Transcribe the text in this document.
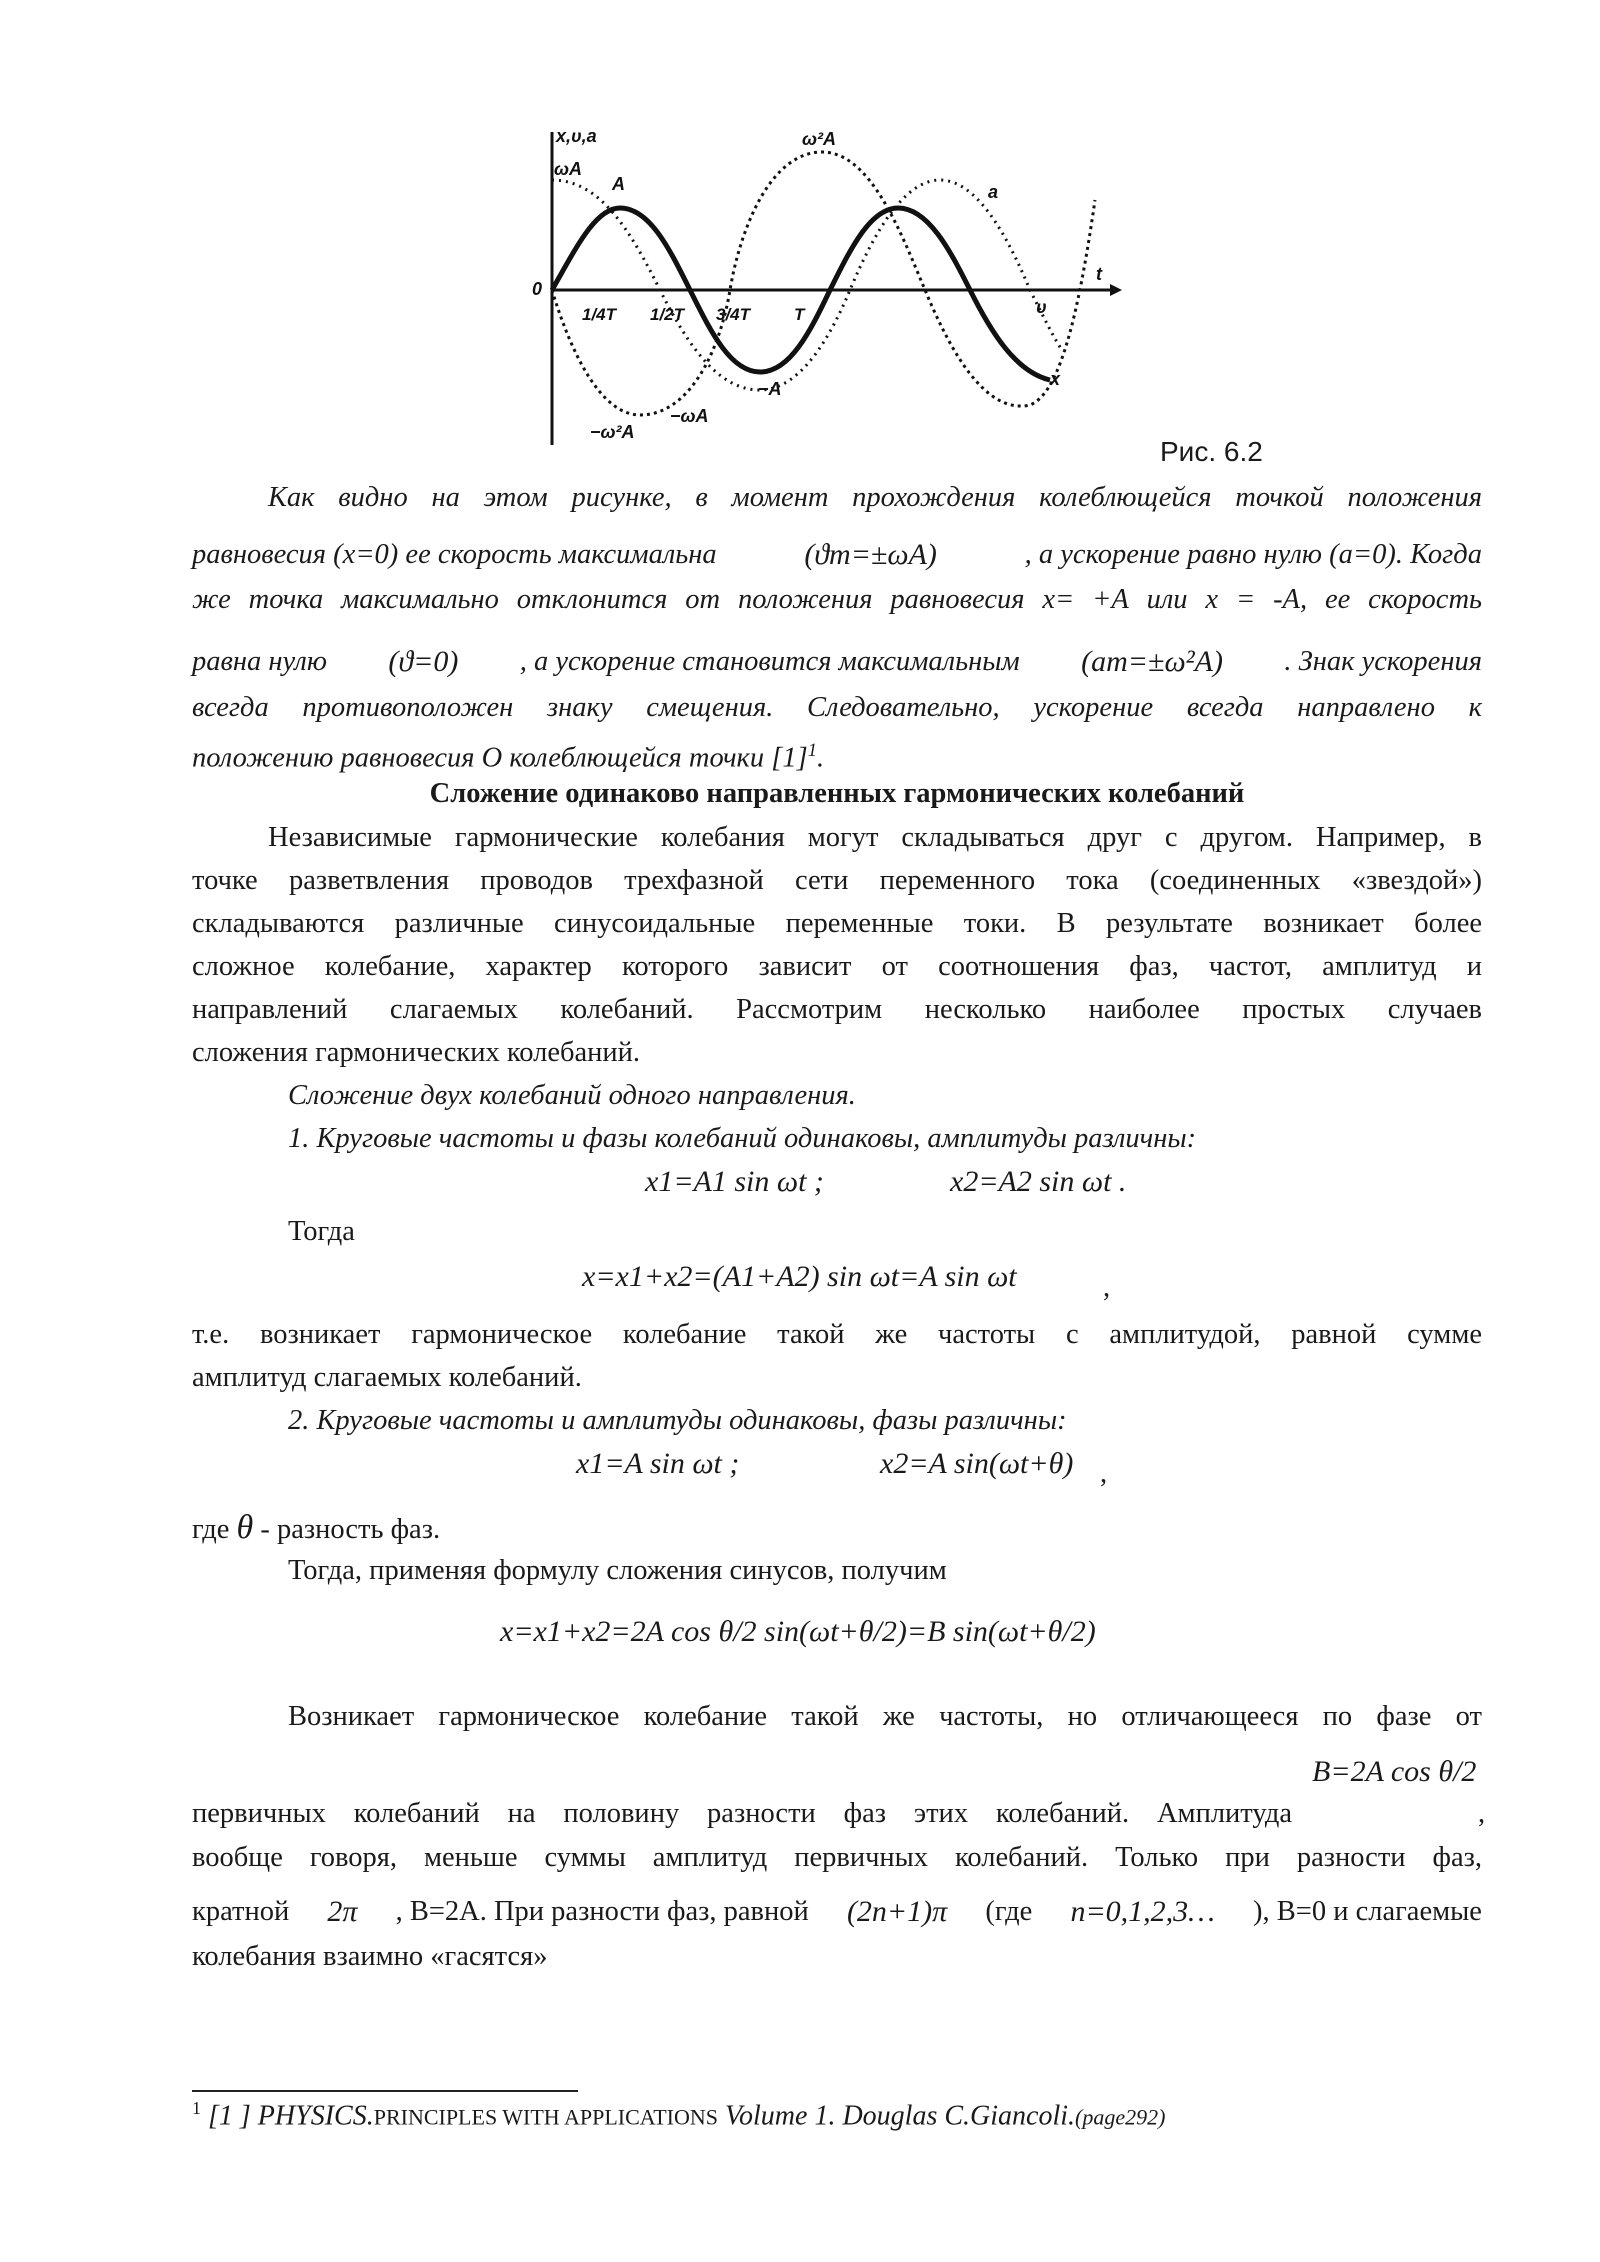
x,υ,a
ωA
A
ω²A
a
t
0
1/4T 1/2T 3/4T	T	υ
−A
−ωA
−ω²A
x
Рис. 6.2
Как видно на этом рисунке, в момент прохождения колеблющейся точкой положения
равновесия (х=0) ее скорость максимальна	(ϑm=±ωA)	, а ускорение равно нулю (а=0). Когда
же точка максимально отклонится от положения равновесия х= +А или х = -А, ее скорость
равна нулю (ϑ=0) , а ускорение становится максимальным (am=±ω²A) . Знак ускорения
всегда противоположен знаку смещения. Следовательно, ускорение всегда направлено к
положению равновесия О колеблющейся точки $[1]^1$.
Сложение одинаково направленных гармонических колебаний
Независимые гармонические колебания могут складываться друг с другом. Например, в
точке разветвления проводов трехфазной сети переменного тока (соединенных «звездой»)
складываются различные синусоидальные переменные токи. В результате возникает более
сложное колебание, характер которого зависит от соотношения фаз, частот, амплитуд и
направлений слагаемых колебаний. Рассмотрим несколько наиболее простых случаев
сложения гармонических колебаний.
Сложение двух колебаний одного направления.
1. Круговые частоты и фазы колебаний одинаковы, амплитуды различны:
x1=A1 sin ωt ;	x2=A2 sin ωt .
Тогда
x=x1+x2=(A1+A2) sin ωt=A sin ωt	,
т.е. возникает гармоническое колебание такой же частоты с амплитудой, равной сумме
амплитуд слагаемых колебаний.
2. Круговые частоты и амплитуды одинаковы, фазы различны:
x1=A sin ωt ;	x2=A sin(ωt+θ) ,
где θ - разность фаз.
Тогда, применяя формулу сложения синусов, получим
x=x1+x2=2A cos θ/2 sin(ωt+θ/2)=B sin(ωt+θ/2)
Возникает гармоническое колебание такой же частоты, но отличающееся по фазе от
B=2A cos θ/2
первичных колебаний на половину разности фаз этих колебаний. Амплитуда	,
вообще говоря, меньше суммы амплитуд первичных колебаний. Только при разности фаз,
кратной 2π , В=2А. При разности фаз, равной (2n+1)π (где n=0,1,2,3… ), В=0 и слагаемые
колебания взаимно «гасятся»
$^1$ [1 ] PHYSICS.PRINCIPLES WITH APPLICATIONS Volume 1. Douglas C.Giancoli.(page292)
